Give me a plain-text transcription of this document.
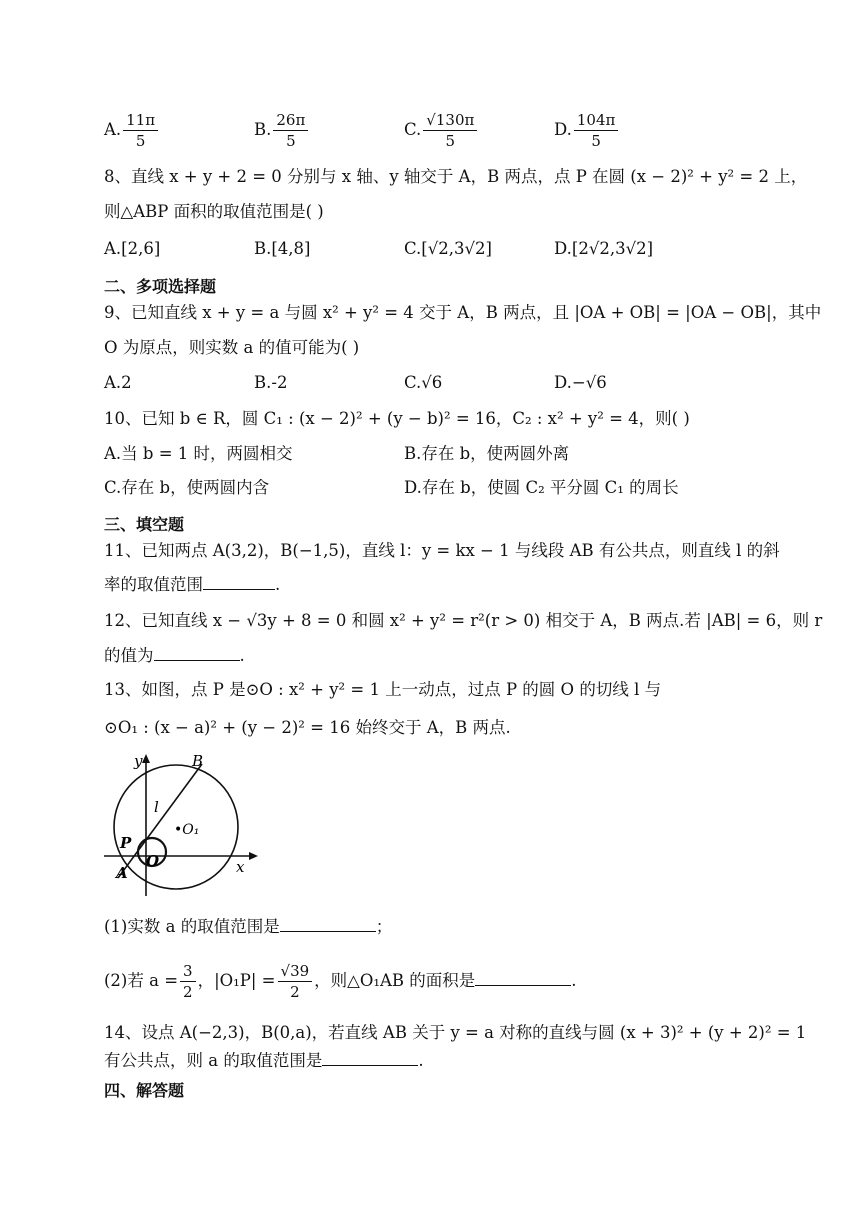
A. $\frac{11\pi}{5}$	B. $\frac{26\pi}{5}$	C. $\frac{√130\pi}{5}$	D. $\frac{104\pi}{5}$
8、直线 x + y + 2 = 0 分别与 x 轴、y 轴交于 A，B 两点，点 P 在圆 (x − 2)² + y² = 2 上，
则△ABP 面积的取值范围是( )
A.[2,6]	B.[4,8]	C.[√2,3√2]	D.[2√2,3√2]
二、多项选择题
9、已知直线 x + y = a 与圆 x² + y² = 4 交于 A，B 两点，且 |OA + OB| = |OA − OB|，其中
O 为原点，则实数 a 的值可能为( )
A.2	B.-2	C.√6	D.−√6
10、已知 b ∈ R，圆 C₁ : (x − 2)² + (y − b)² = 16，C₂ : x² + y² = 4，则( )
A.当 b = 1 时，两圆相交	B.存在 b，使两圆外离
C.存在 b，使两圆内含	D.存在 b，使圆 C₂ 平分圆 C₁ 的周长
三、填空题
11、已知两点 A(3,2)，B(−1,5)，直线 l：y = kx − 1 与线段 AB 有公共点，则直线 l 的斜
率的取值范围	.
12、已知直线 x − √3y + 8 = 0 和圆 x² + y² = r²(r > 0) 相交于 A，B 两点.若 |AB| = 6，则 r
的值为	.
13、如图，点 P 是⊙O : x² + y² = 1 上一动点，过点 P 的圆 O 的切线 l 与
⊙O₁ : (x − a)² + (y − 2)² = 16 始终交于 A，B 两点.
y
x
B
l
•O₁
P
O
A
(1)实数 a 的取值范围是	；
(2)若 $a = \frac{3}{2}$ ，$|O_1P| = \frac{√39}{2}$ ，则△O₁AB 的面积是	.
14、设点 A(−2,3)，B(0,a)，若直线 AB 关于 y = a 对称的直线与圆 (x + 3)² + (y + 2)² = 1
有公共点，则 a 的取值范围是	.
四、解答题
